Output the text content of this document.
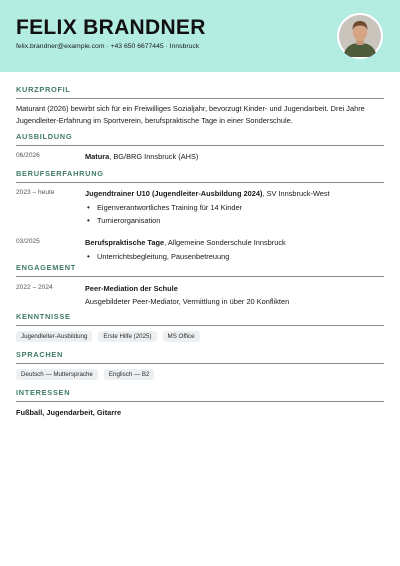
FELIX BRANDNER
felix.brandner@example.com · +43 650 6677445 · Innsbruck
KURZPROFIL
Maturant (2026) bewirbt sich für ein Freiwilliges Sozialjahr, bevorzugt Kinder- und Jugendarbeit. Drei Jahre Jugendleiter-Erfahrung im Sportverein, berufspraktische Tage in einer Sonderschule.
AUSBILDUNG
06/2026	Matura, BG/BRG Innsbruck (AHS)
BERUFSERFAHRUNG
2023 – heute	Jugendtrainer U10 (Jugendleiter-Ausbildung 2024), SV Innsbruck-West
• Eigenverantwortliches Training für 14 Kinder
• Turnierorganisation
03/2025	Berufspraktische Tage, Allgemeine Sonderschule Innsbruck
• Unterrichtsbegleitung, Pausenbetreuung
ENGAGEMENT
2022 – 2024	Peer-Mediation der Schule
Ausgebildeter Peer-Mediator, Vermittlung in über 20 Konflikten
KENNTNISSE
Jugendleiter-Ausbildung	Erste Hilfe (2025)	MS Office
SPRACHEN
Deutsch — Muttersprache	Englisch — B2
INTERESSEN
Fußball, Jugendarbeit, Gitarre
